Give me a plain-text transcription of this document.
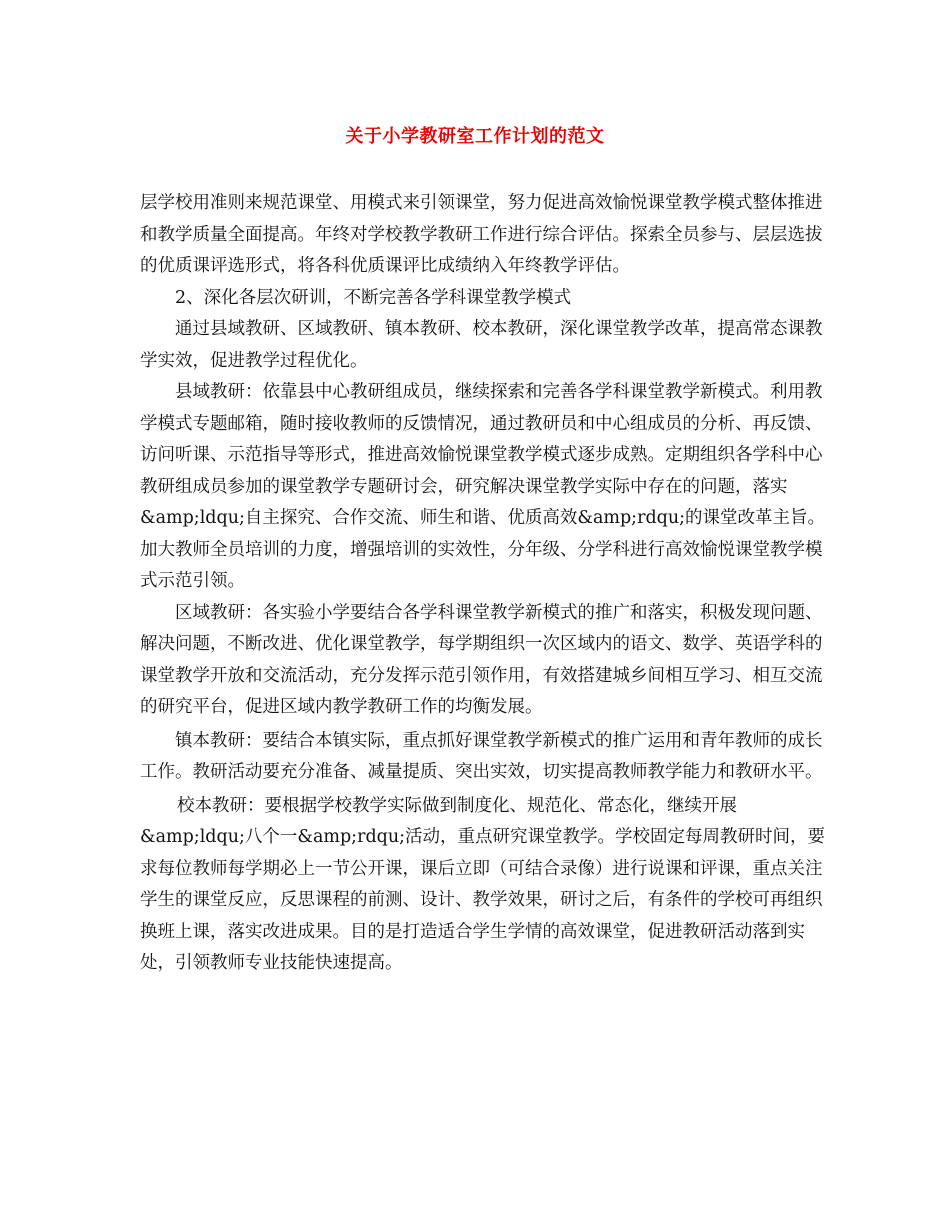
关于小学教研室工作计划的范文

层学校用准则来规范课堂、用模式来引领课堂，努力促进高效愉悦课堂教学模式整体推进和教学质量全面提高。年终对学校教学教研工作进行综合评估。探索全员参与、层层选拔的优质课评选形式，将各科优质课评比成绩纳入年终教学评估。

2、深化各层次研训，不断完善各学科课堂教学模式

通过县域教研、区域教研、镇本教研、校本教研，深化课堂教学改革，提高常态课教学实效，促进教学过程优化。

县域教研：依靠县中心教研组成员，继续探索和完善各学科课堂教学新模式。利用教学模式专题邮箱，随时接收教师的反馈情况，通过教研员和中心组成员的分析、再反馈、访问听课、示范指导等形式，推进高效愉悦课堂教学模式逐步成熟。定期组织各学科中心教研组成员参加的课堂教学专题研讨会，研究解决课堂教学实际中存在的问题，落实&amp;ldqu;自主探究、合作交流、师生和谐、优质高效&amp;rdqu;的课堂改革主旨。加大教师全员培训的力度，增强培训的实效性，分年级、分学科进行高效愉悦课堂教学模式示范引领。

区域教研：各实验小学要结合各学科课堂教学新模式的推广和落实，积极发现问题、解决问题，不断改进、优化课堂教学，每学期组织一次区域内的语文、数学、英语学科的课堂教学开放和交流活动，充分发挥示范引领作用，有效搭建城乡间相互学习、相互交流的研究平台，促进区域内教学教研工作的均衡发展。

镇本教研：要结合本镇实际，重点抓好课堂教学新模式的推广运用和青年教师的成长工作。教研活动要充分准备、减量提质、突出实效，切实提高教师教学能力和教研水平。

校本教研：要根据学校教学实际做到制度化、规范化、常态化，继续开展&amp;ldqu;八个一&amp;rdqu;活动，重点研究课堂教学。学校固定每周教研时间，要求每位教师每学期必上一节公开课，课后立即（可结合录像）进行说课和评课，重点关注学生的课堂反应，反思课程的前测、设计、教学效果，研讨之后，有条件的学校可再组织换班上课，落实改进成果。目的是打造适合学生学情的高效课堂，促进教研活动落到实处，引领教师专业技能快速提高。
